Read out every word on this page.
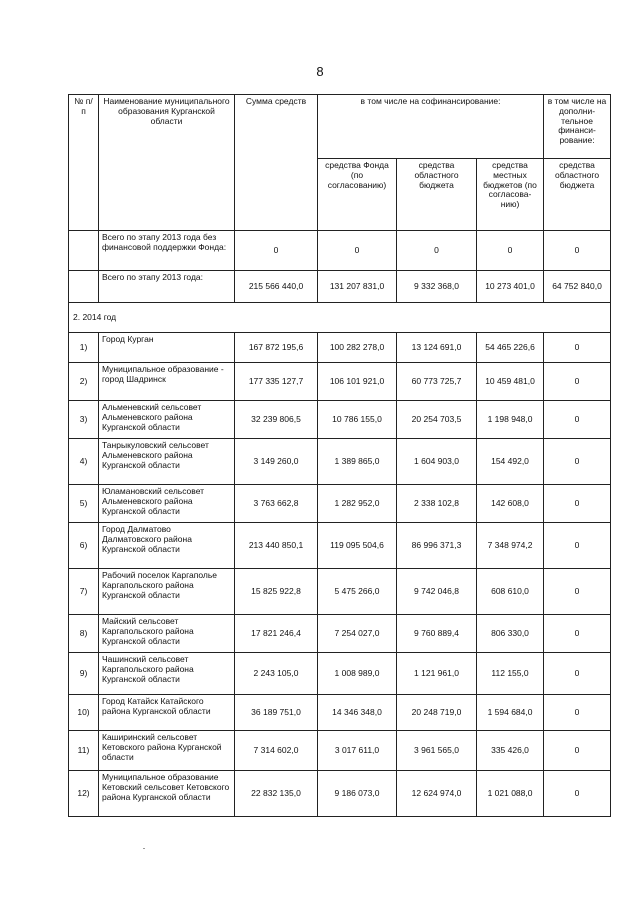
8
№ п/п	Наименование муниципального образования Курганской области	Сумма средств	в том числе на софинансирование:			в том числе на дополни-тельное финанси-рование:
			средства Фонда (по согласованию)	средства областного бюджета	средства местных бюджетов (по согласова-нию)	средства областного бюджета
	Всего по этапу 2013 года без финансовой поддержки Фонда:	0	0	0	0	0
	Всего по этапу 2013 года:	215 566 440,0	131 207 831,0	9 332 368,0	10 273 401,0	64 752 840,0
2. 2014 год						
1)	Город Курган	167 872 195,6	100 282 278,0	13 124 691,0	54 465 226,6	0
2)	Муниципальное образование - город Шадринск	177 335 127,7	106 101 921,0	60 773 725,7	10 459 481,0	0
3)	Альменевский сельсовет Альменевского района Курганской области	32 239 806,5	10 786 155,0	20 254 703,5	1 198 948,0	0
4)	Танрыкуловский сельсовет Альменевского района Курганской области	3 149 260,0	1 389 865,0	1 604 903,0	154 492,0	0
5)	Юламановский сельсовет Альменевского района Курганской области	3 763 662,8	1 282 952,0	2 338 102,8	142 608,0	0
6)	Город Далматово Далматовского района Курганской области	213 440 850,1	119 095 504,6	86 996 371,3	7 348 974,2	0
7)	Рабочий поселок Каргаполье Каргапольского района Курганской области	15 825 922,8	5 475 266,0	9 742 046,8	608 610,0	0
8)	Майский сельсовет Каргапольского района Курганской области	17 821 246,4	7 254 027,0	9 760 889,4	806 330,0	0
9)	Чашинский сельсовет Каргапольского района Курганской области	2 243 105,0	1 008 989,0	1 121 961,0	112 155,0	0
10)	Город Катайск Катайского района Курганской области	36 189 751,0	14 346 348,0	20 248 719,0	1 594 684,0	0
11)	Каширинский сельсовет Кетовского района Курганской области	7 314 602,0	3 017 611,0	3 961 565,0	335 426,0	0
12)	Муниципальное образование Кетовский сельсовет Кетовского района Курганской области	22 832 135,0	9 186 073,0	12 624 974,0	1 021 088,0	0
